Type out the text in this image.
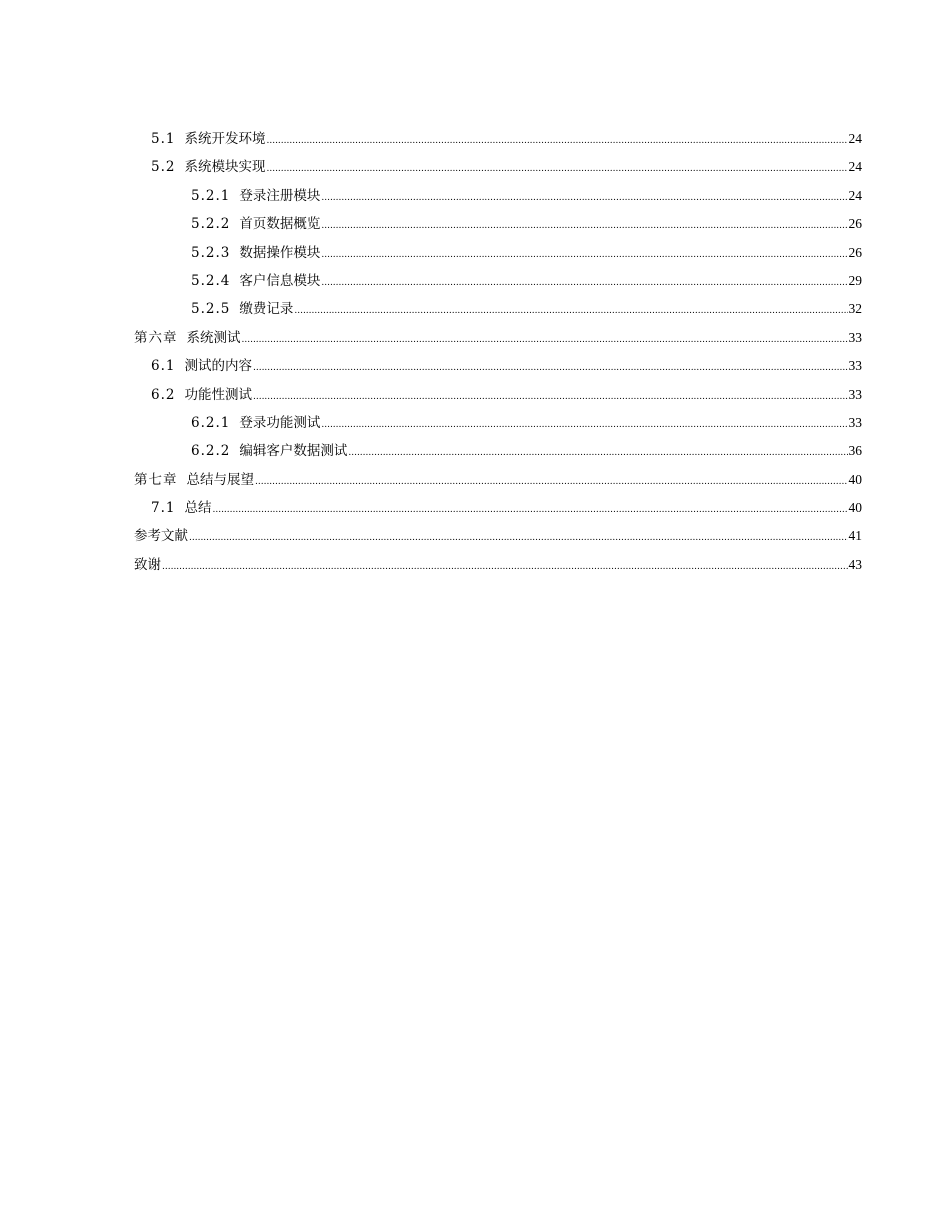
5.1 系统开发环境 .....	24
5.2 系统模块实现 .....	24
5.2.1 登录注册模块 .....	24
5.2.2 首页数据概览 .....	26
5.2.3 数据操作模块 .....	26
5.2.4 客户信息模块 .....	29
5.2.5 缴费记录 .....	32
第六章 系统测试 .....	33
6.1 测试的内容 .....	33
6.2 功能性测试 .....	33
6.2.1 登录功能测试 .....	33
6.2.2 编辑客户数据测试 .....	36
第七章 总结与展望 .....	40
7.1 总结 .....	40
参考文献 .....	41
致谢 .....	43
